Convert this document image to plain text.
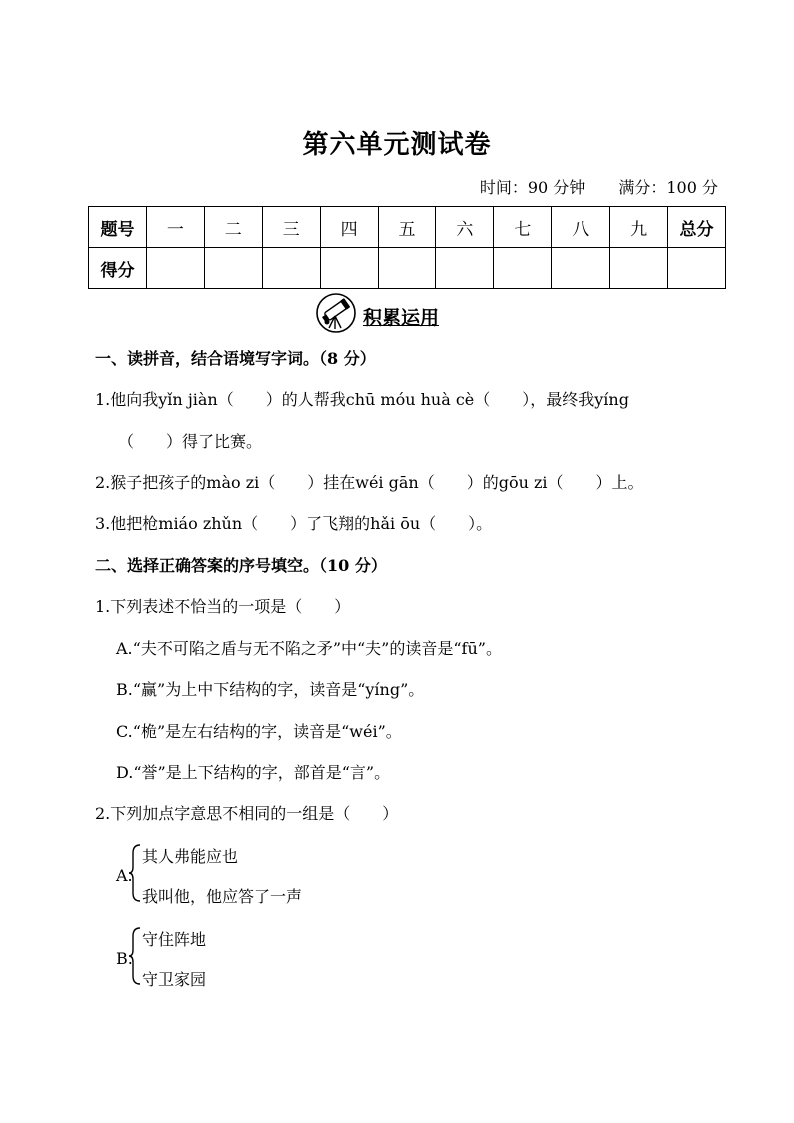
第六单元测试卷
时间：90 分钟 满分：100 分
题号	一	二	三	四	五	六	七	八	九	总分
得分										
积累运用
一、读拼音，结合语境写字词。（8 分）
1.他向我yǐn jiàn（　　）的人帮我chū móu huà cè（　　），最终我yíng
（　　）得了比赛。
2.猴子把孩子的mào zi（　　）挂在wéi gān（　　）的gōu zi（　　）上。
3.他把枪miáo zhǔn（　　）了飞翔的hǎi ōu（　　）。
二、选择正确答案的序号填空。（10 分）
1.下列表述不恰当的一项是（　　）
A.“夫不可陷之盾与无不陷之矛”中“夫”的读音是“fū”。
B.“赢”为上中下结构的字，读音是“yíng”。
C.“桅”是左右结构的字，读音是“wéi”。
D.“誉”是上下结构的字，部首是“言”。
2.下列加点字意思不相同的一组是（　　）
A.
其人弗能应也
我叫他，他应答了一声
B.
守住阵地
守卫家园
